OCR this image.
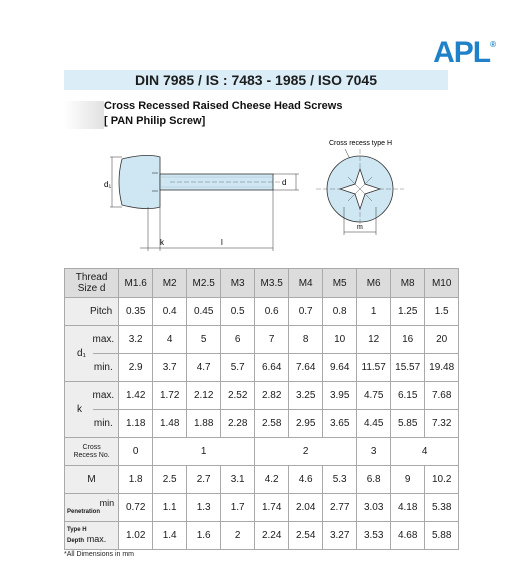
APL®
DIN 7985 / IS : 7483 - 1985 / ISO 7045
Cross Recessed Raised Cheese Head Screws
[ PAN Philip Screw]
d₁	d
k	l
Cross recess type H
m
Thread
Size d		M1.6	M2	M2.5	M3	M3.5	M4	M5	M6	M8	M10
Pitch		0.35	0.4	0.45	0.5	0.6	0.7	0.8	1	1.25	1.5
d₁	max.	3.2	4	5	6	7	8	10	12	16	20
	min.	2.9	3.7	4.7	5.7	6.64	7.64	9.64	11.57	15.57	19.48
k	max.	1.42	1.72	2.12	2.52	2.82	3.25	3.95	4.75	6.15	7.68
	min.	1.18	1.48	1.88	2.28	2.58	2.95	3.65	4.45	5.85	7.32

Cross
Recess No.		0	1			2			3	4	
M		1.8	2.5	2.7	3.1	4.2	4.6	5.3	6.8	9	10.2

min
Penetration		0.72	1.1	1.3	1.7	1.74	2.04	2.77	3.03	4.18	5.38

Type H
Depth max.		1.02	1.4	1.6	2	2.24	2.54	3.27	3.53	4.68	5.88
*All Dimensions in mm
